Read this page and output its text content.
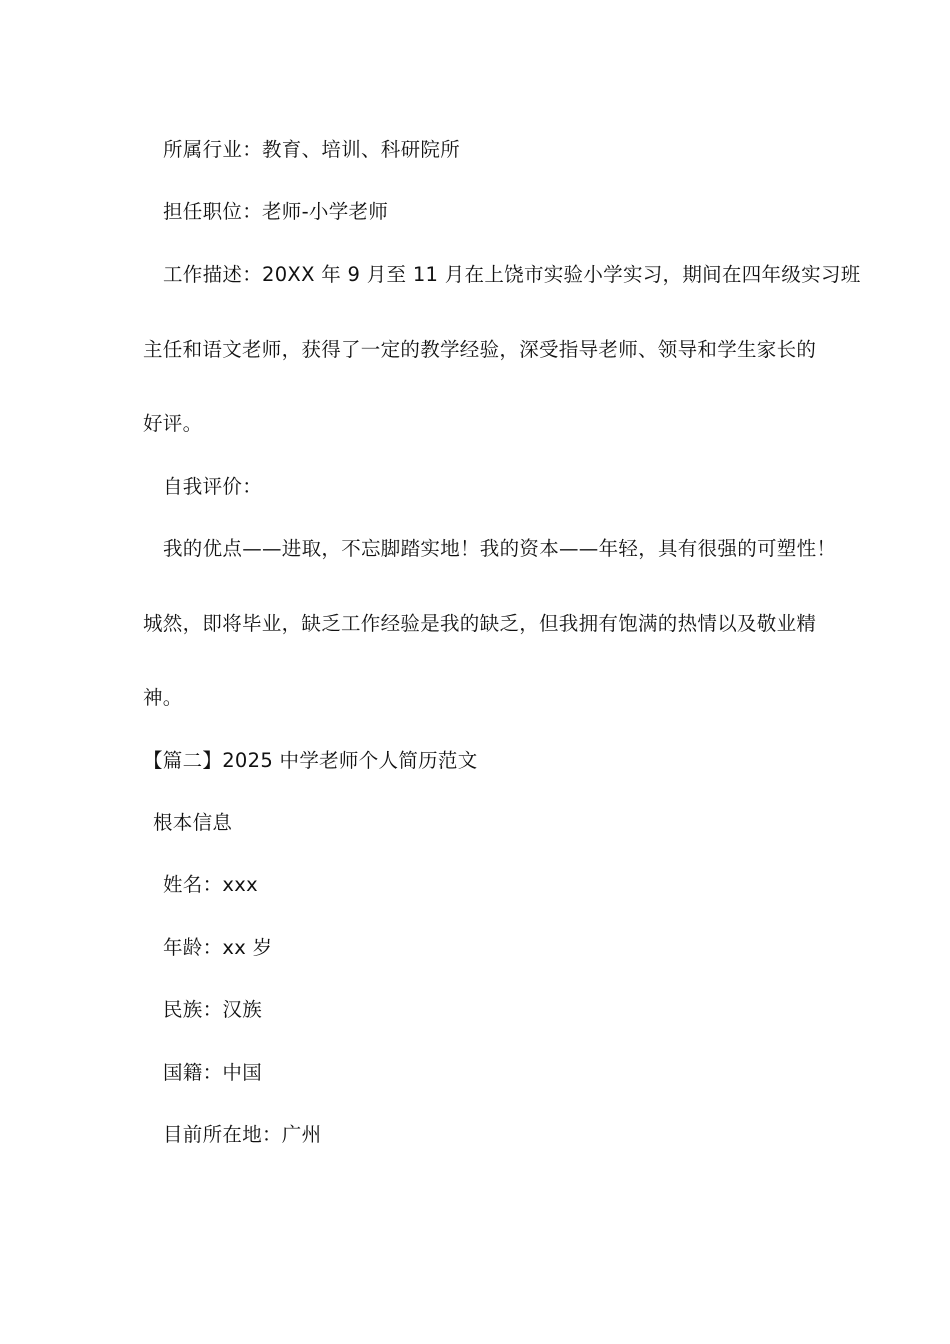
所属行业：教育、培训、科研院所
担任职位：老师-小学老师
工作描述：20XX 年 9 月至 11 月在上饶市实验小学实习，期间在四年级实习班
主任和语文老师，获得了一定的教学经验，深受指导老师、领导和学生家长的
好评。
自我评价：
我的优点——进取，不忘脚踏实地！我的资本——年轻，具有很强的可塑性！
城然，即将毕业，缺乏工作经验是我的缺乏，但我拥有饱满的热情以及敬业精
神。
【篇二】2025 中学老师个人简历范文
根本信息
姓名：xxx
年龄：xx 岁
民族：汉族
国籍：中国
目前所在地：广州
